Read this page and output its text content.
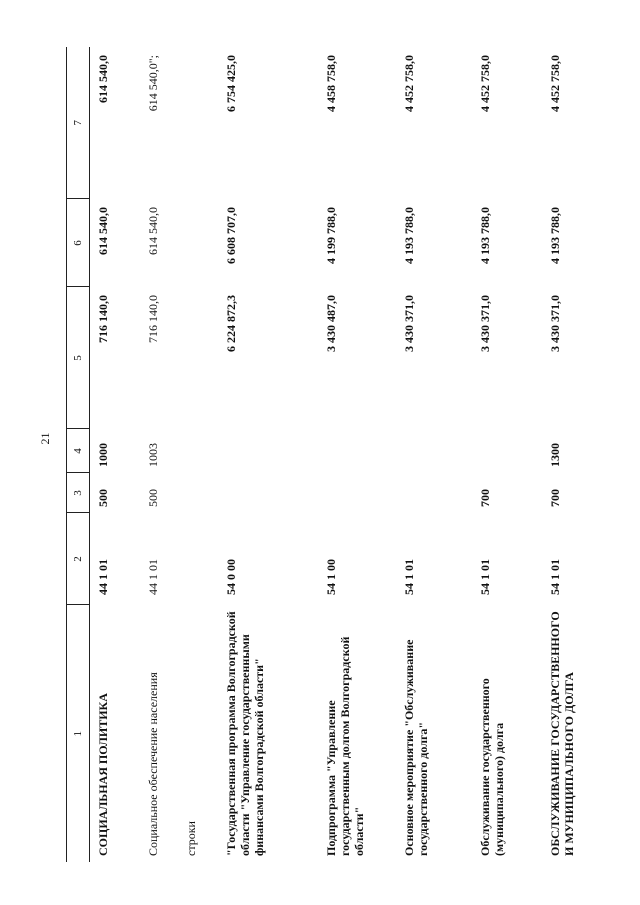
21
1	2	3	4	5	6	7
СОЦИАЛЬНАЯ ПОЛИТИКА	44 1 01	500	1000	716 140,0	614 540,0	614 540,0
Социальное обеспечение населения	44 1 01	500	1003	716 140,0	614 540,0	614 540,0";
строки						
"Государственная программа Волгоградской области "Управление государственными финансами Волгоградской области"	54 0 00			6 224 872,3	6 608 707,0	6 754 425,0
Подпрограмма "Управление государственным долгом Волгоградской области"	54 1 00			3 430 487,0	4 199 788,0	4 458 758,0
Основное мероприятие "Обслуживание государственного долга"	54 1 01			3 430 371,0	4 193 788,0	4 452 758,0
Обслуживание государственного (муниципального) долга	54 1 01	700		3 430 371,0	4 193 788,0	4 452 758,0
ОБСЛУЖИВАНИЕ ГОСУДАРСТВЕННОГО И МУНИЦИПАЛЬНОГО ДОЛГА	54 1 01	700	1300	3 430 371,0	4 193 788,0	4 452 758,0
